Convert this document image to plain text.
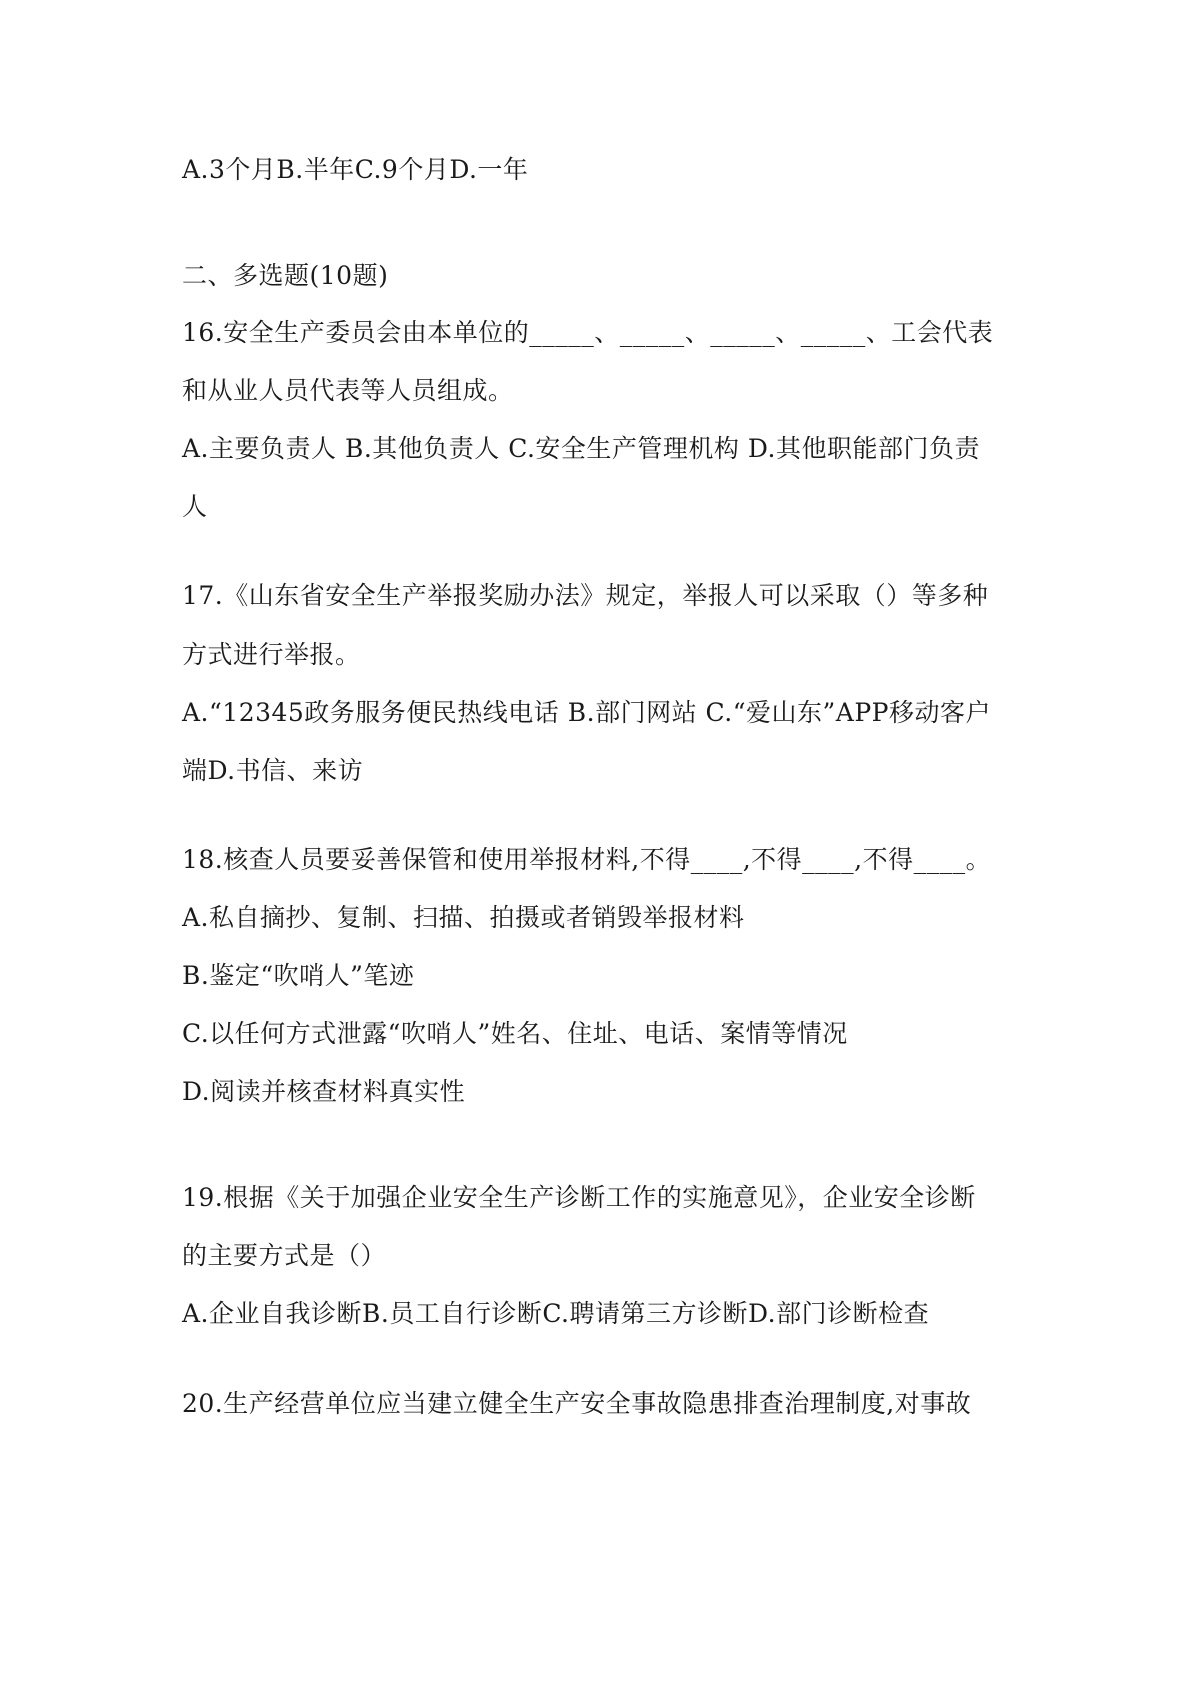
A.3个月B.半年C.9个月D.一年
二、多选题(10题)
16.安全生产委员会由本单位的_____、_____、_____、_____、工会代表
和从业人员代表等人员组成。
A.主要负责人 B.其他负责人 C.安全生产管理机构 D.其他职能部门负责
人
17.《山东省安全生产举报奖励办法》规定，举报人可以采取（）等多种
方式进行举报。
A.“12345政务服务便民热线电话 B.部门网站 C.“爱山东”APP移动客户
端D.书信、来访
18.核查人员要妥善保管和使用举报材料,不得____,不得____,不得____。
A.私自摘抄、复制、扫描、拍摄或者销毁举报材料
B.鉴定“吹哨人”笔迹
C.以任何方式泄露“吹哨人”姓名、住址、电话、案情等情况
D.阅读并核查材料真实性
19.根据《关于加强企业安全生产诊断工作的实施意见》，企业安全诊断
的主要方式是（）
A.企业自我诊断B.员工自行诊断C.聘请第三方诊断D.部门诊断检查
20.生产经营单位应当建立健全生产安全事故隐患排查治理制度,对事故
